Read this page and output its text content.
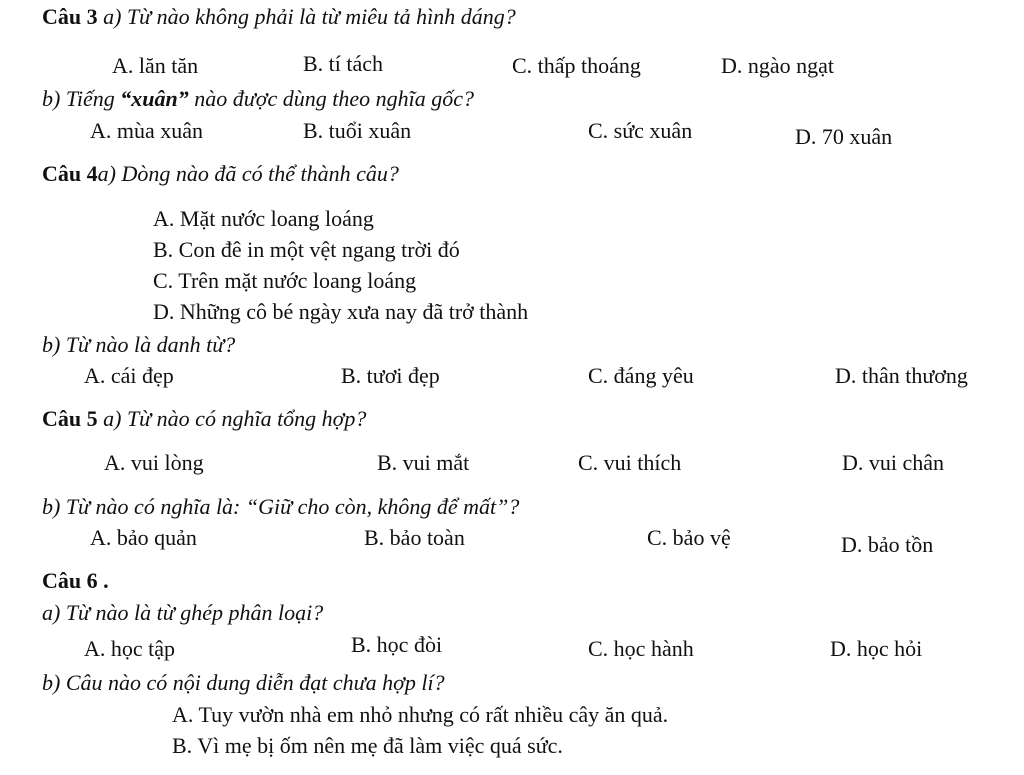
Câu 3 a) Từ nào không phải là từ miêu tả hình dáng?
A. lăn tăn	B. tí tách	C. thấp thoáng	D. ngào ngạt
b) Tiếng “xuân” nào được dùng theo nghĩa gốc?
A. mùa xuân	B. tuổi xuân	C. sức xuân	D. 70 xuân
Câu 4a) Dòng nào đã có thể thành câu?
A. Mặt nước loang loáng
B. Con đê in một vệt ngang trời đó
C. Trên mặt nước loang loáng
D. Những cô bé ngày xưa nay đã trở thành
b) Từ nào là danh từ?
A. cái đẹp	B. tươi đẹp	C. đáng yêu	D. thân thương
Câu 5 a) Từ nào có nghĩa tổng hợp?
A. vui lòng	B. vui mắt	C. vui thích	D. vui chân
b) Từ nào có nghĩa là: “Giữ cho còn, không để mất”?
A. bảo quản	B. bảo toàn	C. bảo vệ	D. bảo tồn
Câu 6 .
a) Từ nào là từ ghép phân loại?
A. học tập	B. học đòi	C. học hành	D. học hỏi
b) Câu nào có nội dung diễn đạt chưa hợp lí?
A. Tuy vườn nhà em nhỏ nhưng có rất nhiều cây ăn quả.
B. Vì mẹ bị ốm nên mẹ đã làm việc quá sức.
